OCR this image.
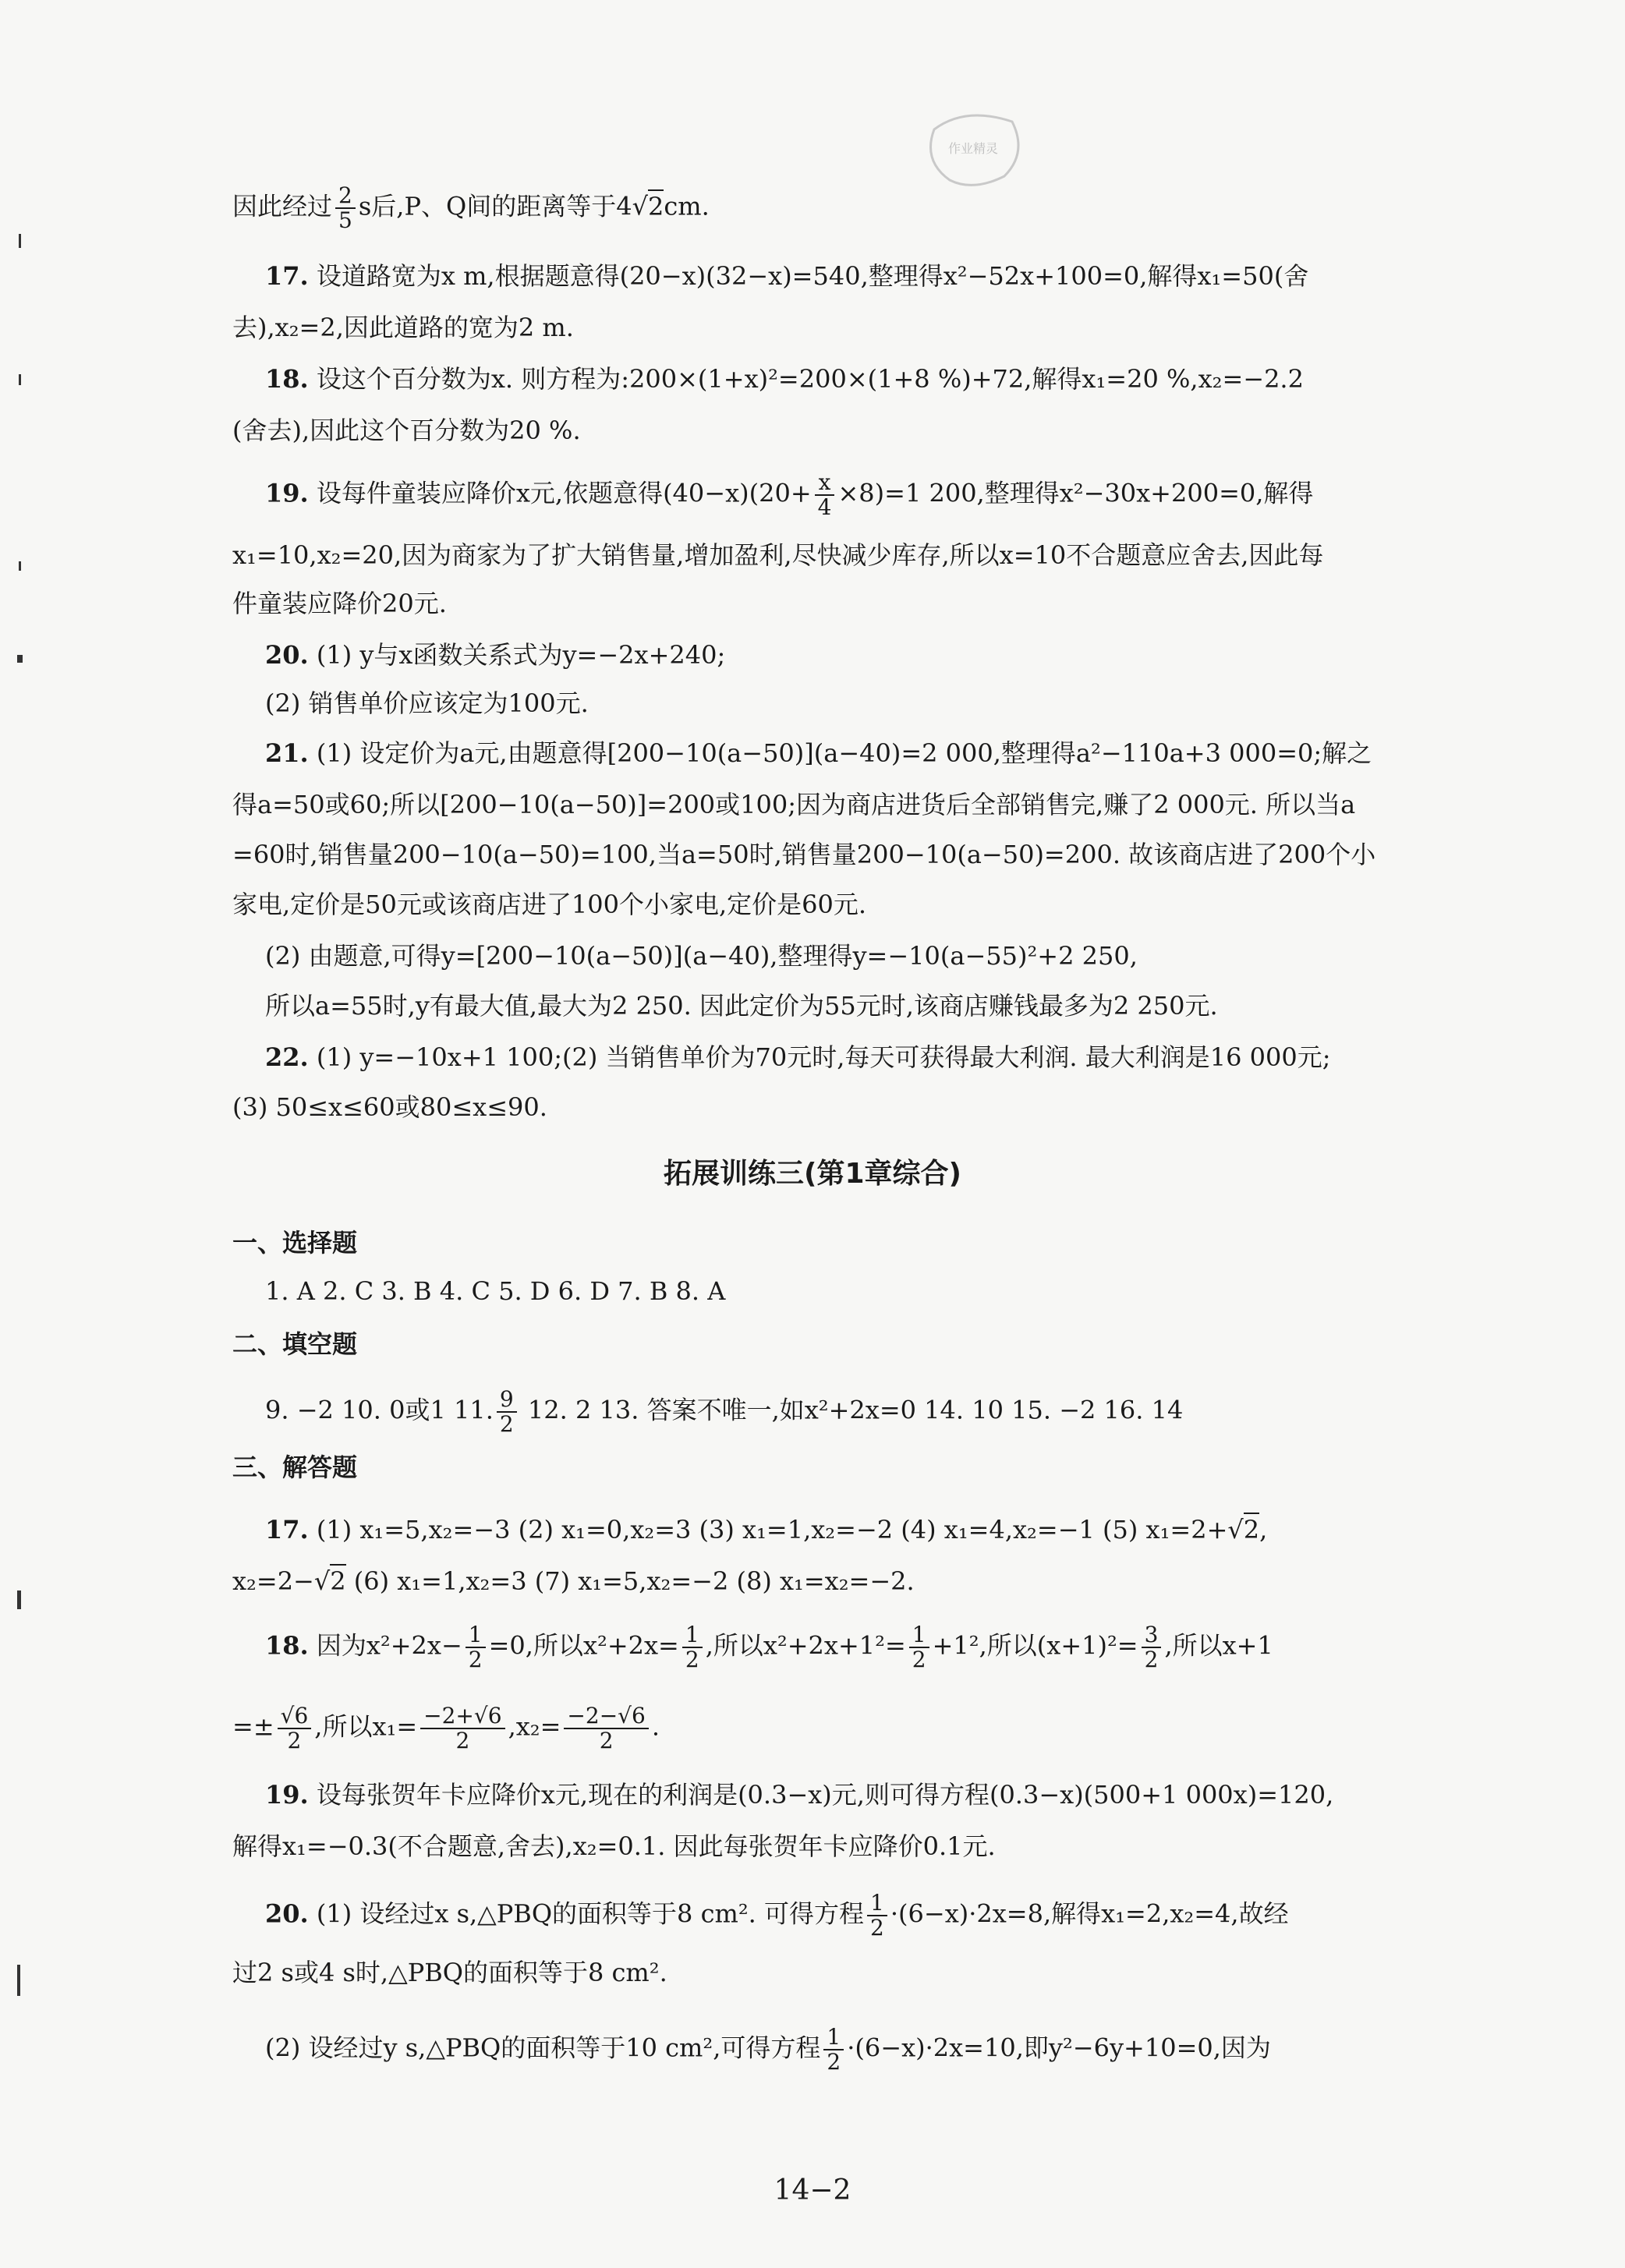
作业精灵
因此经过 $\frac{2}{5}$ s后,P、Q间的距离等于4√2cm.
17. 设道路宽为x m,根据题意得(20−x)(32−x)=540,整理得x²−52x+100=0,解得x₁=50(舍
去),x₂=2,因此道路的宽为2 m.
18. 设这个百分数为x. 则方程为:200×(1+x)²=200×(1+8 %)+72,解得x₁=20 %,x₂=−2.2
(舍去),因此这个百分数为20 %.
19. 设每件童装应降价x元,依题意得$(40-x)(20+ \frac{x}{4} \times 8)=1$ 200,整理得x²−30x+200=0,解得
x₁=10,x₂=20,因为商家为了扩大销售量,增加盈利,尽快减少库存,所以x=10不合题意应舍去,因此每
件童装应降价20元.
20. (1) y与x函数关系式为y=−2x+240;
(2) 销售单价应该定为100元.
21. (1) 设定价为a元,由题意得[200−10(a−50)](a−40)=2 000,整理得a²−110a+3 000=0;解之
得a=50或60;所以[200−10(a−50)]=200或100;因为商店进货后全部销售完,赚了2 000元. 所以当a
=60时,销售量200−10(a−50)=100,当a=50时,销售量200−10(a−50)=200. 故该商店进了200个小
家电,定价是50元或该商店进了100个小家电,定价是60元.
(2) 由题意,可得y=[200−10(a−50)](a−40),整理得y=−10(a−55)²+2 250,
所以a=55时,y有最大值,最大为2 250. 因此定价为55元时,该商店赚钱最多为2 250元.
22. (1) y=−10x+1 100;(2) 当销售单价为70元时,每天可获得最大利润. 最大利润是16 000元;
(3) 50≤x≤60或80≤x≤90.
拓展训练三(第1章综合)
一、选择题
1. A 2. C 3. B 4. C 5. D 6. D 7. B 8. A
二、填空题
9. −2 10. 0或1 11. $\frac{9}{2} 12$. 2 13. 答案不唯一,如x²+2x=0 14. 10 15. −2 16. 14
三、解答题
17. (1) x₁=5,x₂=−3 (2) x₁=0,x₂=3 (3) x₁=1,x₂=−2 (4) x₁=4,x₂=−1 (5) x₁=2+√2,
x₂=2−√2 (6) x₁=1,x₂=3 (7) x₁=5,x₂=−2 (8) x₁=x₂=−2.
18. 因为$x^2+2x- \frac{1}{2} =0$,所以$x^2+2x= \frac{1}{2}$ ,所以$x^2+2x+1^2= \frac{1}{2} +1^2$,所以$(x+1)^2= \frac{3}{2}$ ,所以x+1
=± $\frac{√6}{2}$ ,所以$x_1= \frac{-2+√6}{2} ,x_2= \frac{-2-√6}{2}$ .
19. 设每张贺年卡应降价x元,现在的利润是(0.3−x)元,则可得方程(0.3−x)(500+1 000x)=120,
解得x₁=−0.3(不合题意,舍去),x₂=0.1. 因此每张贺年卡应降价0.1元.
20. (1) 设经过x s,△PBQ的面积等于8 cm². 可得方程 $\frac{1}{2} \cdot(6-x)\cdot 2x=8$,解得x₁=2,x₂=4,故经
过2 s或4 s时,△PBQ的面积等于8 cm².
(2) 设经过y s,△PBQ的面积等于10 cm²,可得方程 $\frac{1}{2} \cdot(6-x)\cdot 2x=10$,即y²−6y+10=0,因为
14−2
